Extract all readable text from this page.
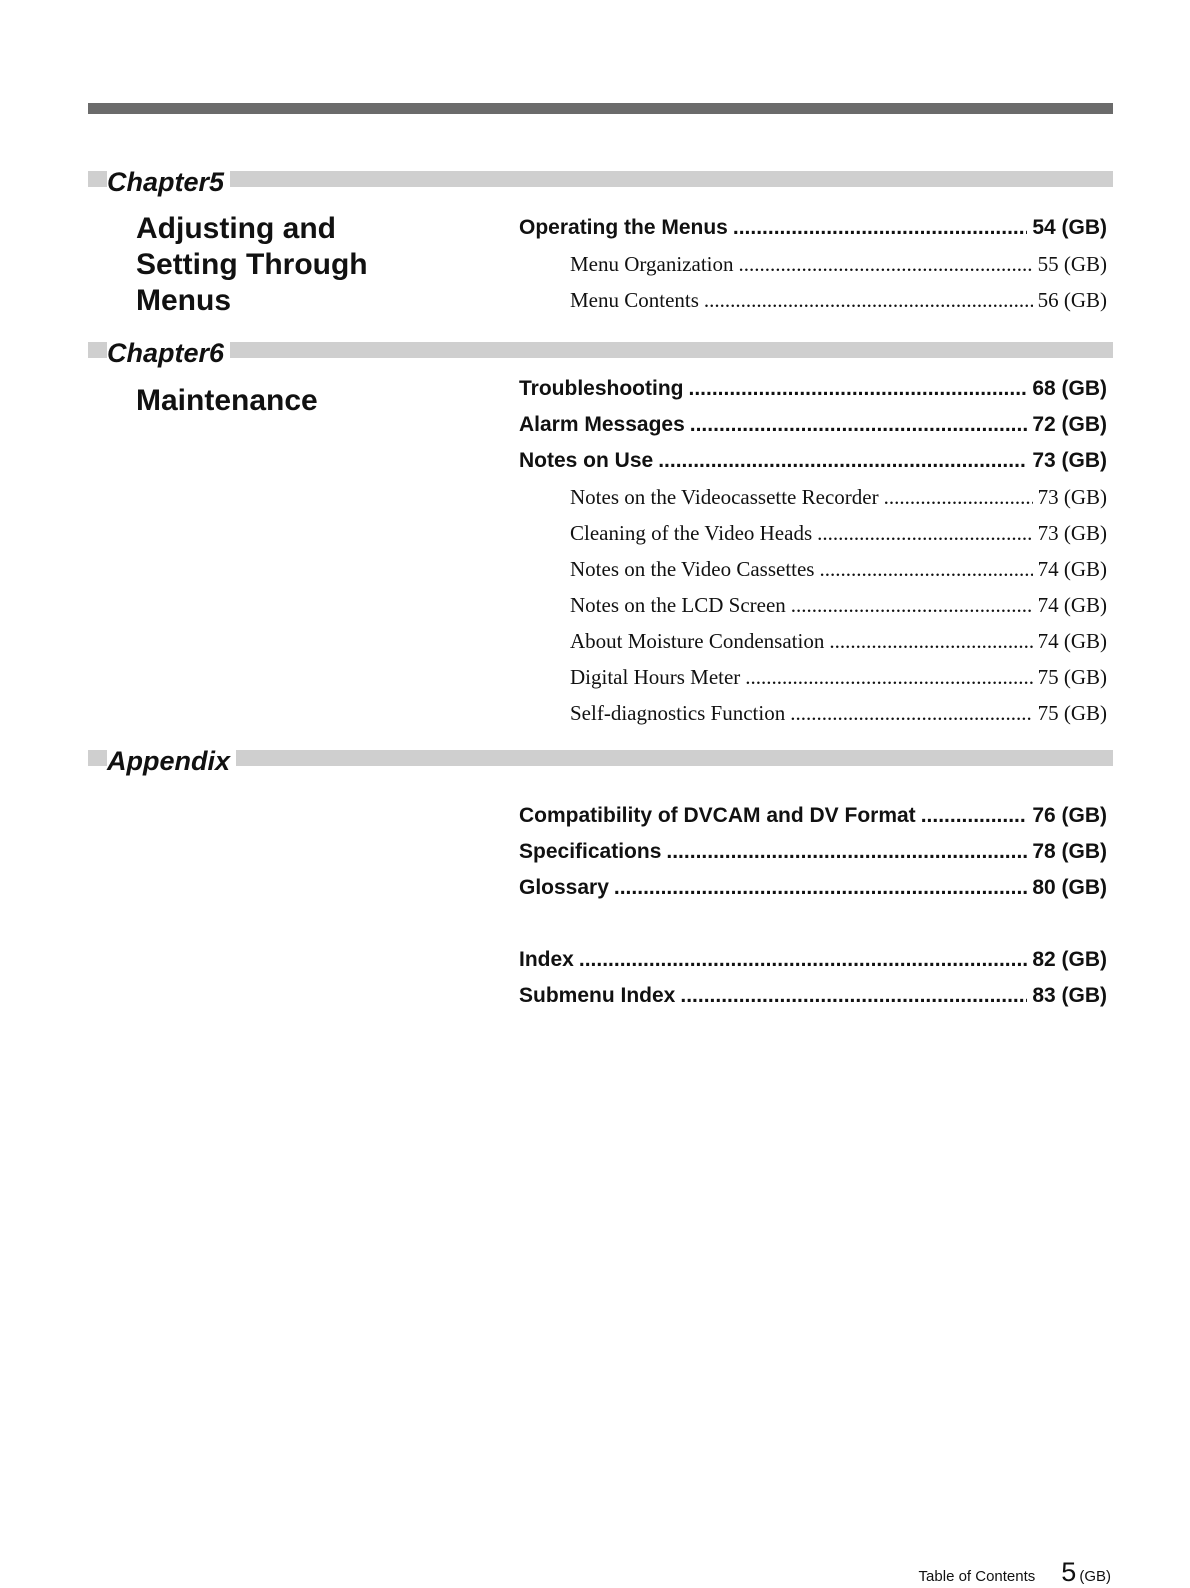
Chapter5
Adjusting and
Setting Through
Menus
Operating the Menus .....	54 (GB)
Menu Organization .....	55 (GB)
Menu Contents .....	56 (GB)
Chapter6
Maintenance	Troubleshooting .....	68 (GB)
Alarm Messages .....	72 (GB)
Notes on Use .....	73 (GB)
Notes on the Videocassette Recorder .....	73 (GB)
Cleaning of the Video Heads .....	73 (GB)
Notes on the Video Cassettes .....	74 (GB)
Notes on the LCD Screen .....	74 (GB)
About Moisture Condensation .....	74 (GB)
Digital Hours Meter .....	75 (GB)
Self-diagnostics Function .....	75 (GB)
Appendix
Compatibility of DVCAM and DV Format .....	76 (GB)
Specifications .....	78 (GB)
Glossary .....	80 (GB)
Index .....	82 (GB)
Submenu Index .....	83 (GB)
Table of Contents 5 (GB)
